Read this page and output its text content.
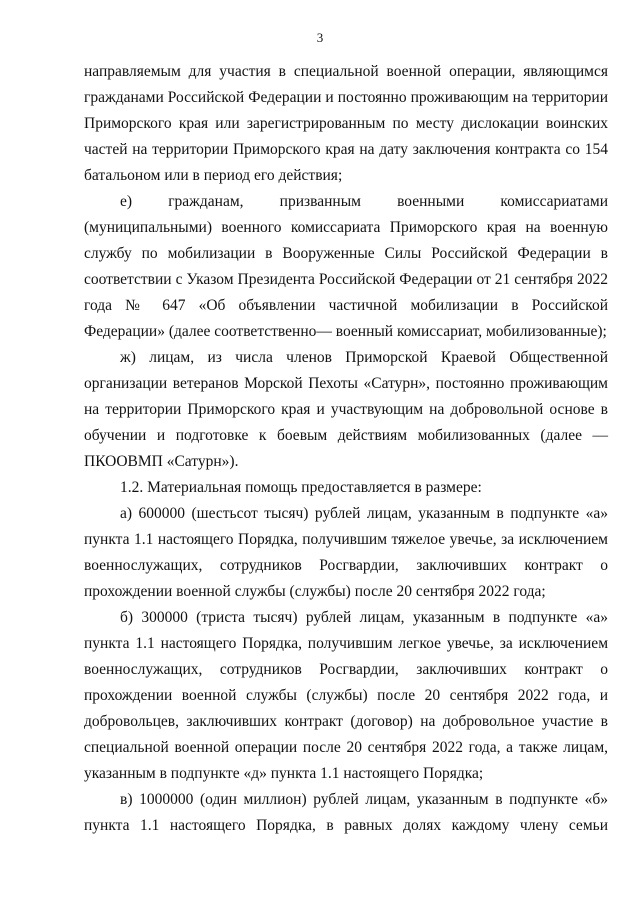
3

направляемым для участия в специальной военной операции, являющимся гражданами Российской Федерации и постоянно проживающим на территории Приморского края или зарегистрированным по месту дислокации воинских частей на территории Приморского края на дату заключения контракта со 154 батальоном или в период его действия;

е) гражданам, призванным военными комиссариатами (муниципальными) военного комиссариата Приморского края на военную службу по мобилизации в Вооруженные Силы Российской Федерации в соответствии с Указом Президента Российской Федерации от 21 сентября 2022 года № 647 «Об объявлении частичной мобилизации в Российской Федерации» (далее соответственно— военный комиссариат, мобилизованные);

ж) лицам, из числа членов Приморской Краевой Общественной организации ветеранов Морской Пехоты «Сатурн», постоянно проживающим на территории Приморского края и участвующим на добровольной основе в обучении и подготовке к боевым действиям мобилизованных (далее — ПКООВМП «Сатурн»).

1.2. Материальная помощь предоставляется в размере:

а) 600000 (шестьсот тысяч) рублей лицам, указанным в подпункте «а» пункта 1.1 настоящего Порядка, получившим тяжелое увечье, за исключением военнослужащих, сотрудников Росгвардии, заключивших контракт о прохождении военной службы (службы) после 20 сентября 2022 года;

б) 300000 (триста тысяч) рублей лицам, указанным в подпункте «а» пункта 1.1 настоящего Порядка, получившим легкое увечье, за исключением военнослужащих, сотрудников Росгвардии, заключивших контракт о прохождении военной службы (службы) после 20 сентября 2022 года, и добровольцев, заключивших контракт (договор) на добровольное участие в специальной военной операции после 20 сентября 2022 года, а также лицам, указанным в подпункте «д» пункта 1.1 настоящего Порядка;

в) 1000000 (один миллион) рублей лицам, указанным в подпункте «б» пункта 1.1 настоящего Порядка, в равных долях каждому члену семьи
